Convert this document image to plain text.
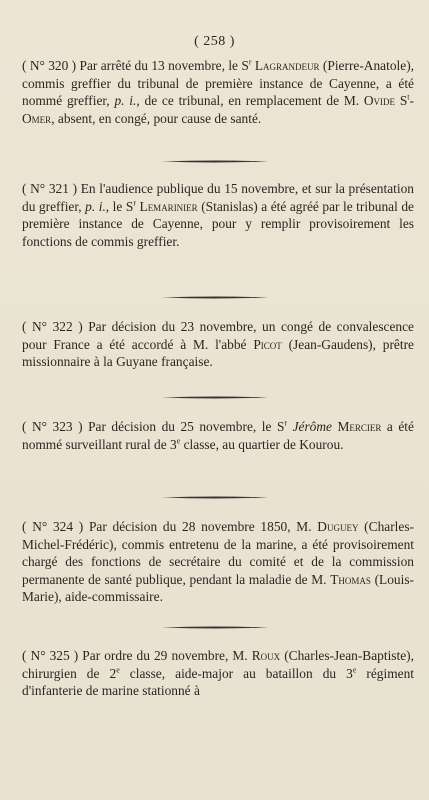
( 258 )

( N° 320 ) Par arrêté du 13 novembre, le $S^r$ Lagrandeur (Pierre-Anatole), commis greffier du tribunal de première instance de Cayenne, a été nommé greffier, p. i., de ce tribunal, en remplacement de M. Ovide $S^t$-Omer, absent, en congé, pour cause de santé.

( N° 321 ) En l'audience publique du 15 novembre, et sur la présentation du greffier, p. i., le $S^r$ Lemarinier (Stanislas) a été agréé par le tribunal de première instance de Cayenne, pour y remplir provisoirement les fonctions de commis greffier.

( N° 322 ) Par décision du 23 novembre, un congé de convalescence pour France a été accordé à M. l'abbé Picot (Jean-Gaudens), prêtre missionnaire à la Guyane française.

( N° 323 ) Par décision du 25 novembre, le $S^r$ Jérôme Mercier a été nommé surveillant rural de 3e classe, au quartier de Kourou.

( N° 324 ) Par décision du 28 novembre 1850, M. Duguey (Charles-Michel-Frédéric), commis entretenu de la marine, a été provisoirement chargé des fonctions de secrétaire du comité et de la commission permanente de santé publique, pendant la maladie de M. Thomas (Louis-Marie), aide-commissaire.

( N° 325 ) Par ordre du 29 novembre, M. Roux (Charles-Jean-Baptiste), chirurgien de 2e classe, aide-major au bataillon du 3e régiment d'infanterie de marine stationné à
